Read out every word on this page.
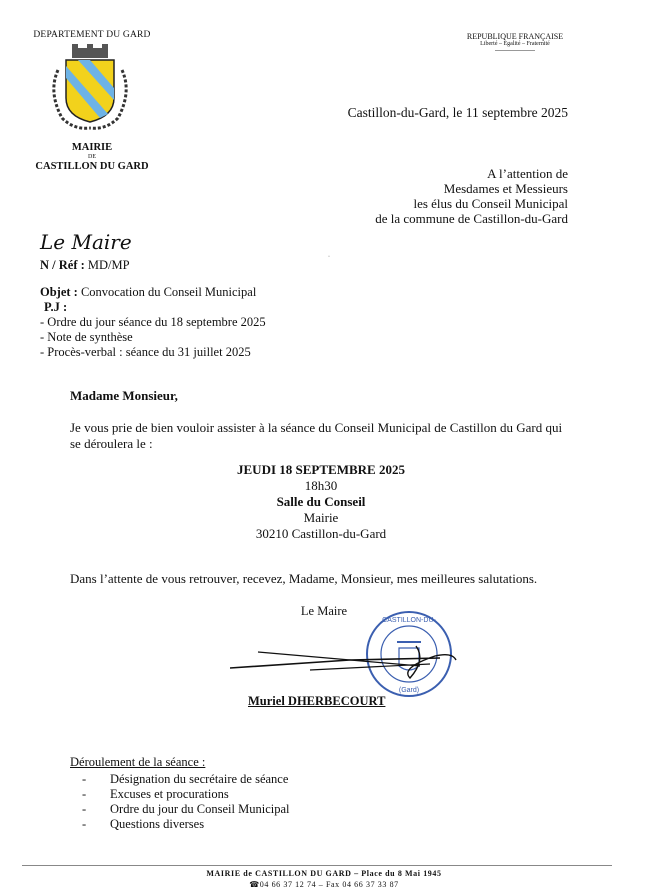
DEPARTEMENT DU GARD
MAIRIE
DE
CASTILLON DU GARD
REPUBLIQUE FRANÇAISE
Liberté – Egalité – Fraternité
Castillon-du-Gard, le 11 septembre 2025
A l’attention de
Mesdames et Messieurs
les élus du Conseil Municipal
de la commune de Castillon-du-Gard
Le Maire
·
N / Réf : MD/MP
Objet : Convocation du Conseil Municipal
P.J :
- Ordre du jour séance du 18 septembre 2025
- Note de synthèse
- Procès-verbal : séance du 31 juillet 2025
Madame Monsieur,
Je vous prie de bien vouloir assister à la séance du Conseil Municipal de Castillon du Gard qui se déroulera le :
JEUDI 18 SEPTEMBRE 2025
18h30
Salle du Conseil
Mairie
30210 Castillon-du-Gard
Dans l’attente de vous retrouver, recevez, Madame, Monsieur, mes meilleures salutations.
Le Maire
CASTILLON-DU-
(Gard)
Muriel DHERBECOURT
Déroulement de la séance :
- Désignation du secrétaire de séance
- Excuses et procurations
- Ordre du jour du Conseil Municipal
- Questions diverses
MAIRIE de CASTILLON DU GARD – Place du 8 Mai 1945
☎04 66 37 12 74 – Fax 04 66 37 33 87
